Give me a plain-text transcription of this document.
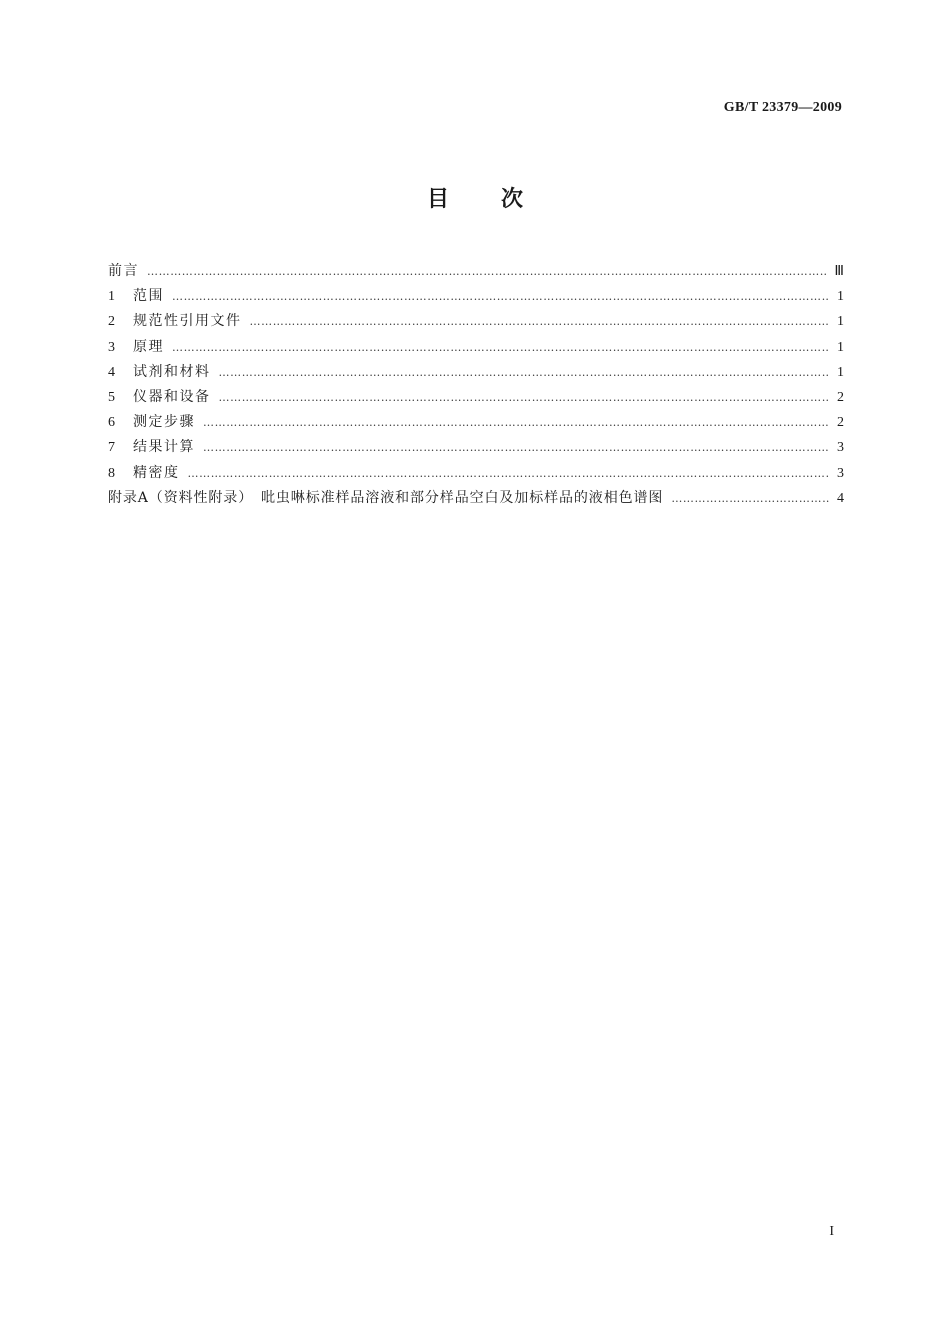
GB/T 23379—2009
目 次
前言 ………………………………………………………………………………………………………………………………………………………………………………	Ⅲ
1	范围 ………………………………………………………………………………………………………………………………………………………………………………	1
2	规范性引用文件 ………………………………………………………………………………………………………………………………………………………………………………	1
3	原理 ………………………………………………………………………………………………………………………………………………………………………………	1
4	试剂和材料 ………………………………………………………………………………………………………………………………………………………………………………	1
5	仪器和设备 ………………………………………………………………………………………………………………………………………………………………………………	2
6	测定步骤 ………………………………………………………………………………………………………………………………………………………………………………	2
7	结果计算 ………………………………………………………………………………………………………………………………………………………………………………	3
8	精密度 ………………………………………………………………………………………………………………………………………………………………………………	3
附录A（资料性附录）　吡虫啉标准样品溶液和部分样品空白及加标样品的液相色谱图 ………………………………………………………………………………………………………………………………………………………………………………	4
I
